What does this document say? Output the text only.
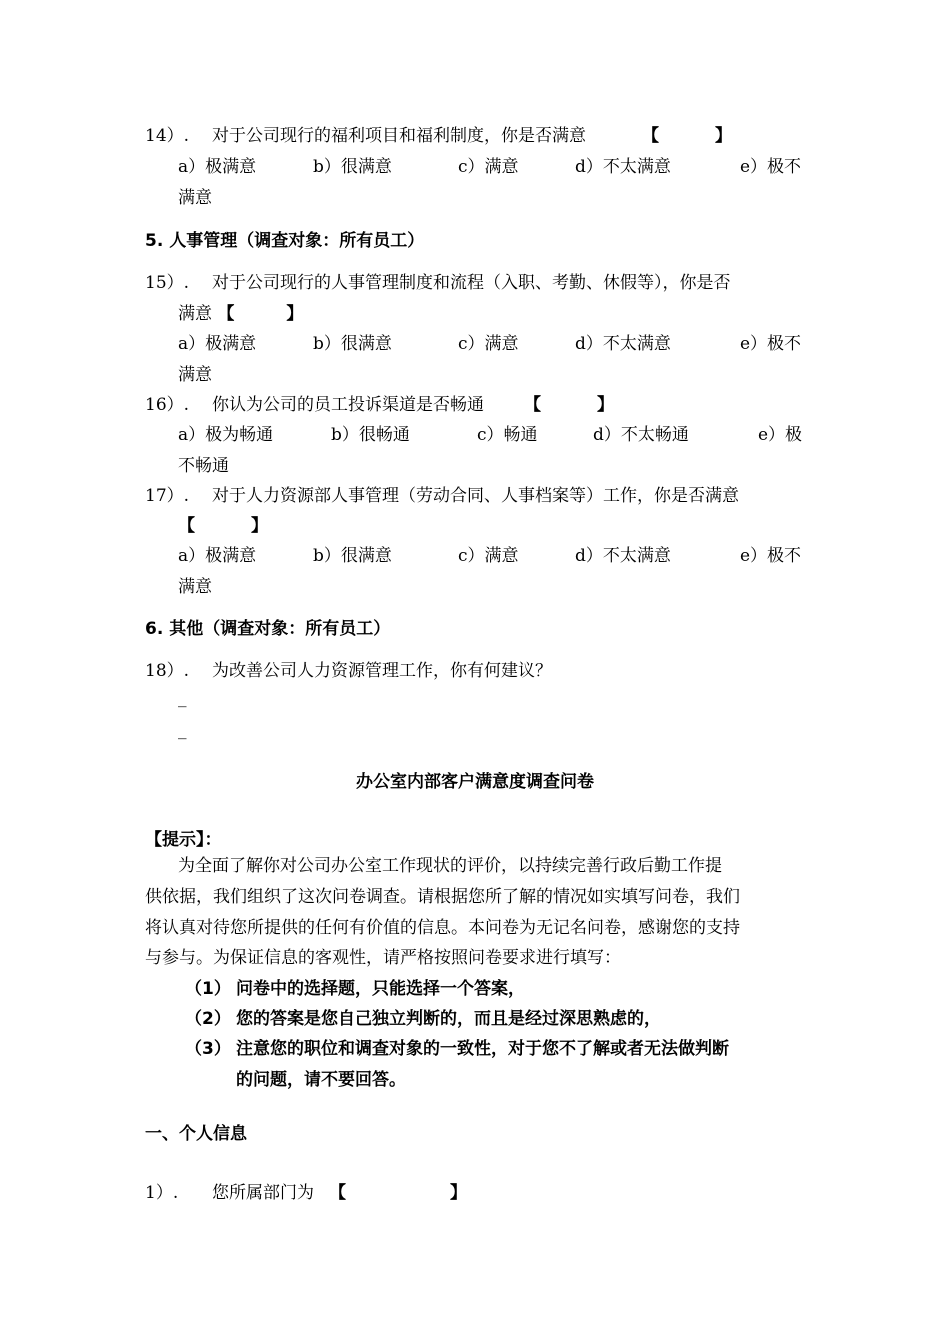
14）. 对于公司现行的福利项目和福利制度，你是否满意	【	】
a）极满意	b）很满意	c）满意	d）不太满意	e）极不
满意
5. 人事管理（调查对象：所有员工）
15）. 对于公司现行的人事管理制度和流程（入职、考勤、休假等），你是否
满意 【	】
a）极满意	b）很满意	c）满意	d）不太满意	e）极不
满意
16）. 你认为公司的员工投诉渠道是否畅通 【	】
a）极为畅通	b）很畅通	c）畅通	d）不太畅通	e）极
不畅通
17）. 对于人力资源部人事管理（劳动合同、人事档案等）工作，你是否满意
【	】
a）极满意	b）很满意	c）满意	d）不太满意	e）极不
满意
6. 其他（调查对象：所有员工）
18）. 为改善公司人力资源管理工作，你有何建议？
_
_
办公室内部客户满意度调查问卷
【提示】：
为全面了解你对公司办公室工作现状的评价，以持续完善行政后勤工作提
供依据，我们组织了这次问卷调查。请根据您所了解的情况如实填写问卷，我们
将认真对待您所提供的任何有价值的信息。本问卷为无记名问卷，感谢您的支持
与参与。为保证信息的客观性，请严格按照问卷要求进行填写：
（1） 问卷中的选择题，只能选择一个答案，
（2） 您的答案是您自己独立判断的，而且是经过深思熟虑的，
（3） 注意您的职位和调查对象的一致性，对于您不了解或者无法做判断
的问题，请不要回答。
一、个人信息
1）. 您所属部门为 【	】
